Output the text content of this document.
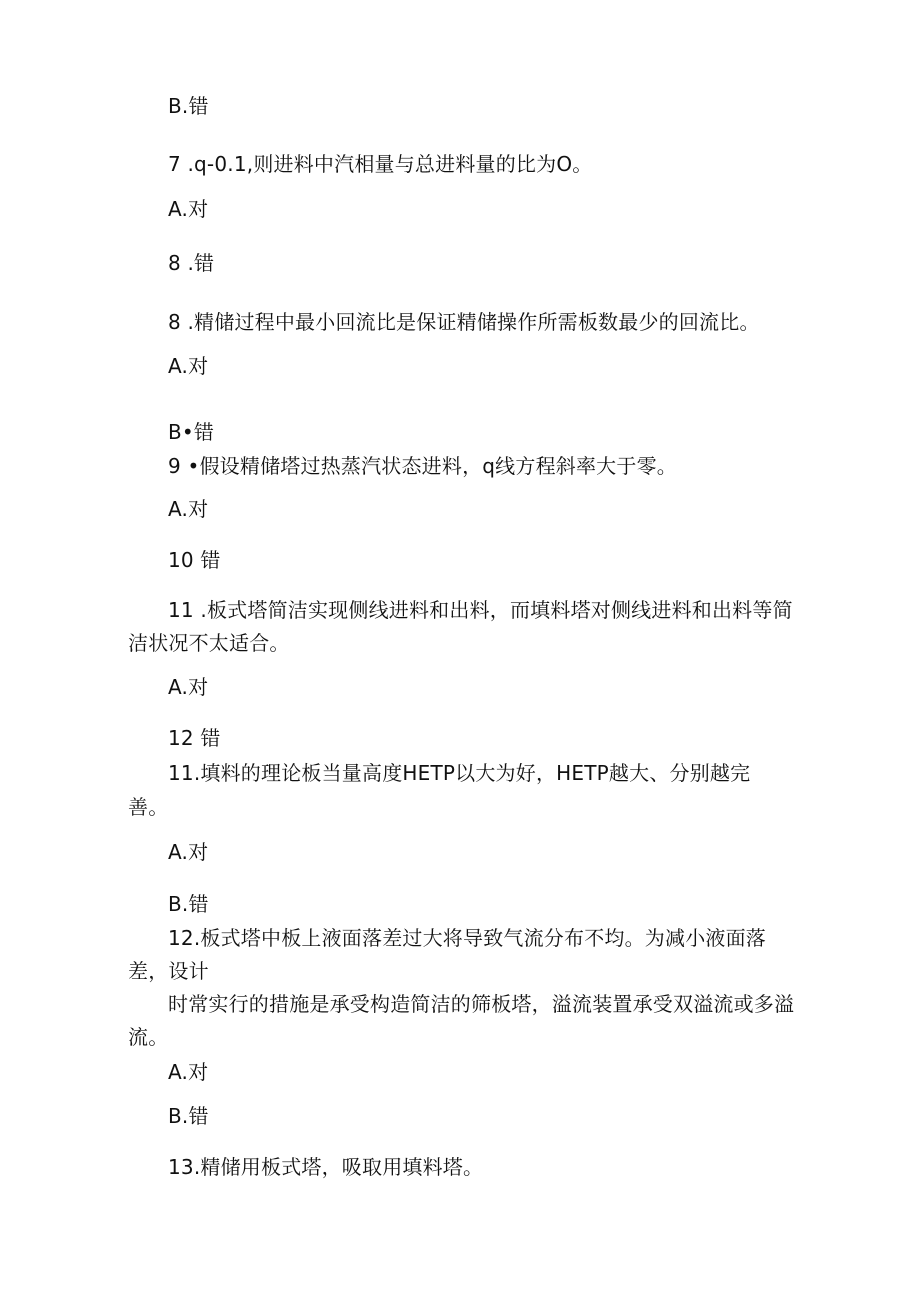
B.错
7 .q-0.1,则进料中汽相量与总进料量的比为O。
A.对
8 .错
8 .精储过程中最小回流比是保证精储操作所需板数最少的回流比。
A.对
B•错
9 •假设精储塔过热蒸汽状态进料，q线方程斜率大于零。
A.对
10 错
11 .板式塔简洁实现侧线进料和出料，而填料塔对侧线进料和出料等简
洁状况不太适合。
A.对
12 错
11.填料的理论板当量高度HETP以大为好，HETP越大、分别越完
善。
A.对
B.错
12.板式塔中板上液面落差过大将导致气流分布不均。为减小液面落
差，设计
时常实行的措施是承受构造简洁的筛板塔，溢流装置承受双溢流或多溢
流。
A.对
B.错
13.精储用板式塔，吸取用填料塔。
